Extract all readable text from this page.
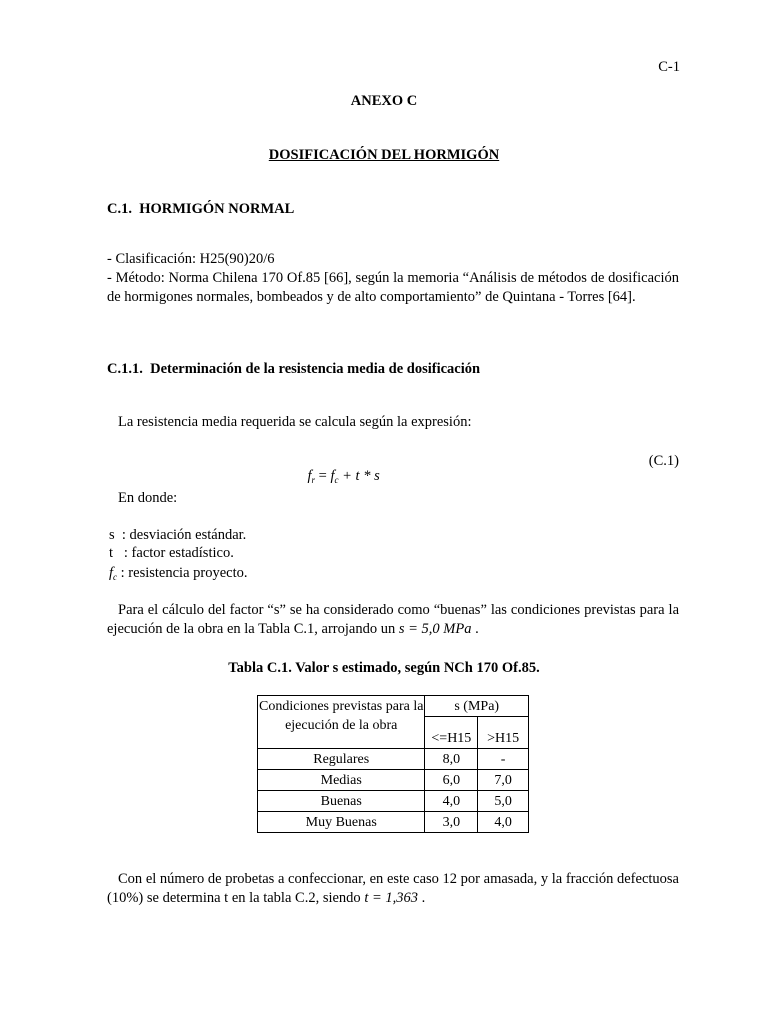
C-1
ANEXO C
DOSIFICACIÓN DEL HORMIGÓN
C.1.  HORMIGÓN NORMAL
- Clasificación: H25(90)20/6
- Método: Norma Chilena 170 Of.85 [66], según la memoria “Análisis de métodos de dosificación de hormigones normales, bombeados y de alto comportamiento” de Quintana - Torres [64].
C.1.1.  Determinación de la resistencia media de dosificación
La resistencia media requerida se calcula según la expresión:

$f_r = f_c + t * s$

(C.1)
En donde:
s  : desviación estándar.
t   : factor estadístico.
$f_c$ : resistencia proyecto.
Para el cálculo del factor “s” se ha considerado como “buenas” las condiciones previstas para la ejecución de la obra en la Tabla C.1, arrojando un s = 5,0 MPa .
Tabla C.1. Valor s estimado, según NCh 170 Of.85.
Condiciones previstas para la ejecución de la obra	s (MPa)	
	<=H15	>H15
Regulares	8,0	-
Medias	6,0	7,0
Buenas	4,0	5,0
Muy Buenas	3,0	4,0
Con el número de probetas a confeccionar, en este caso 12 por amasada, y la fracción defectuosa (10%) se determina t en la tabla C.2, siendo t = 1,363 .
